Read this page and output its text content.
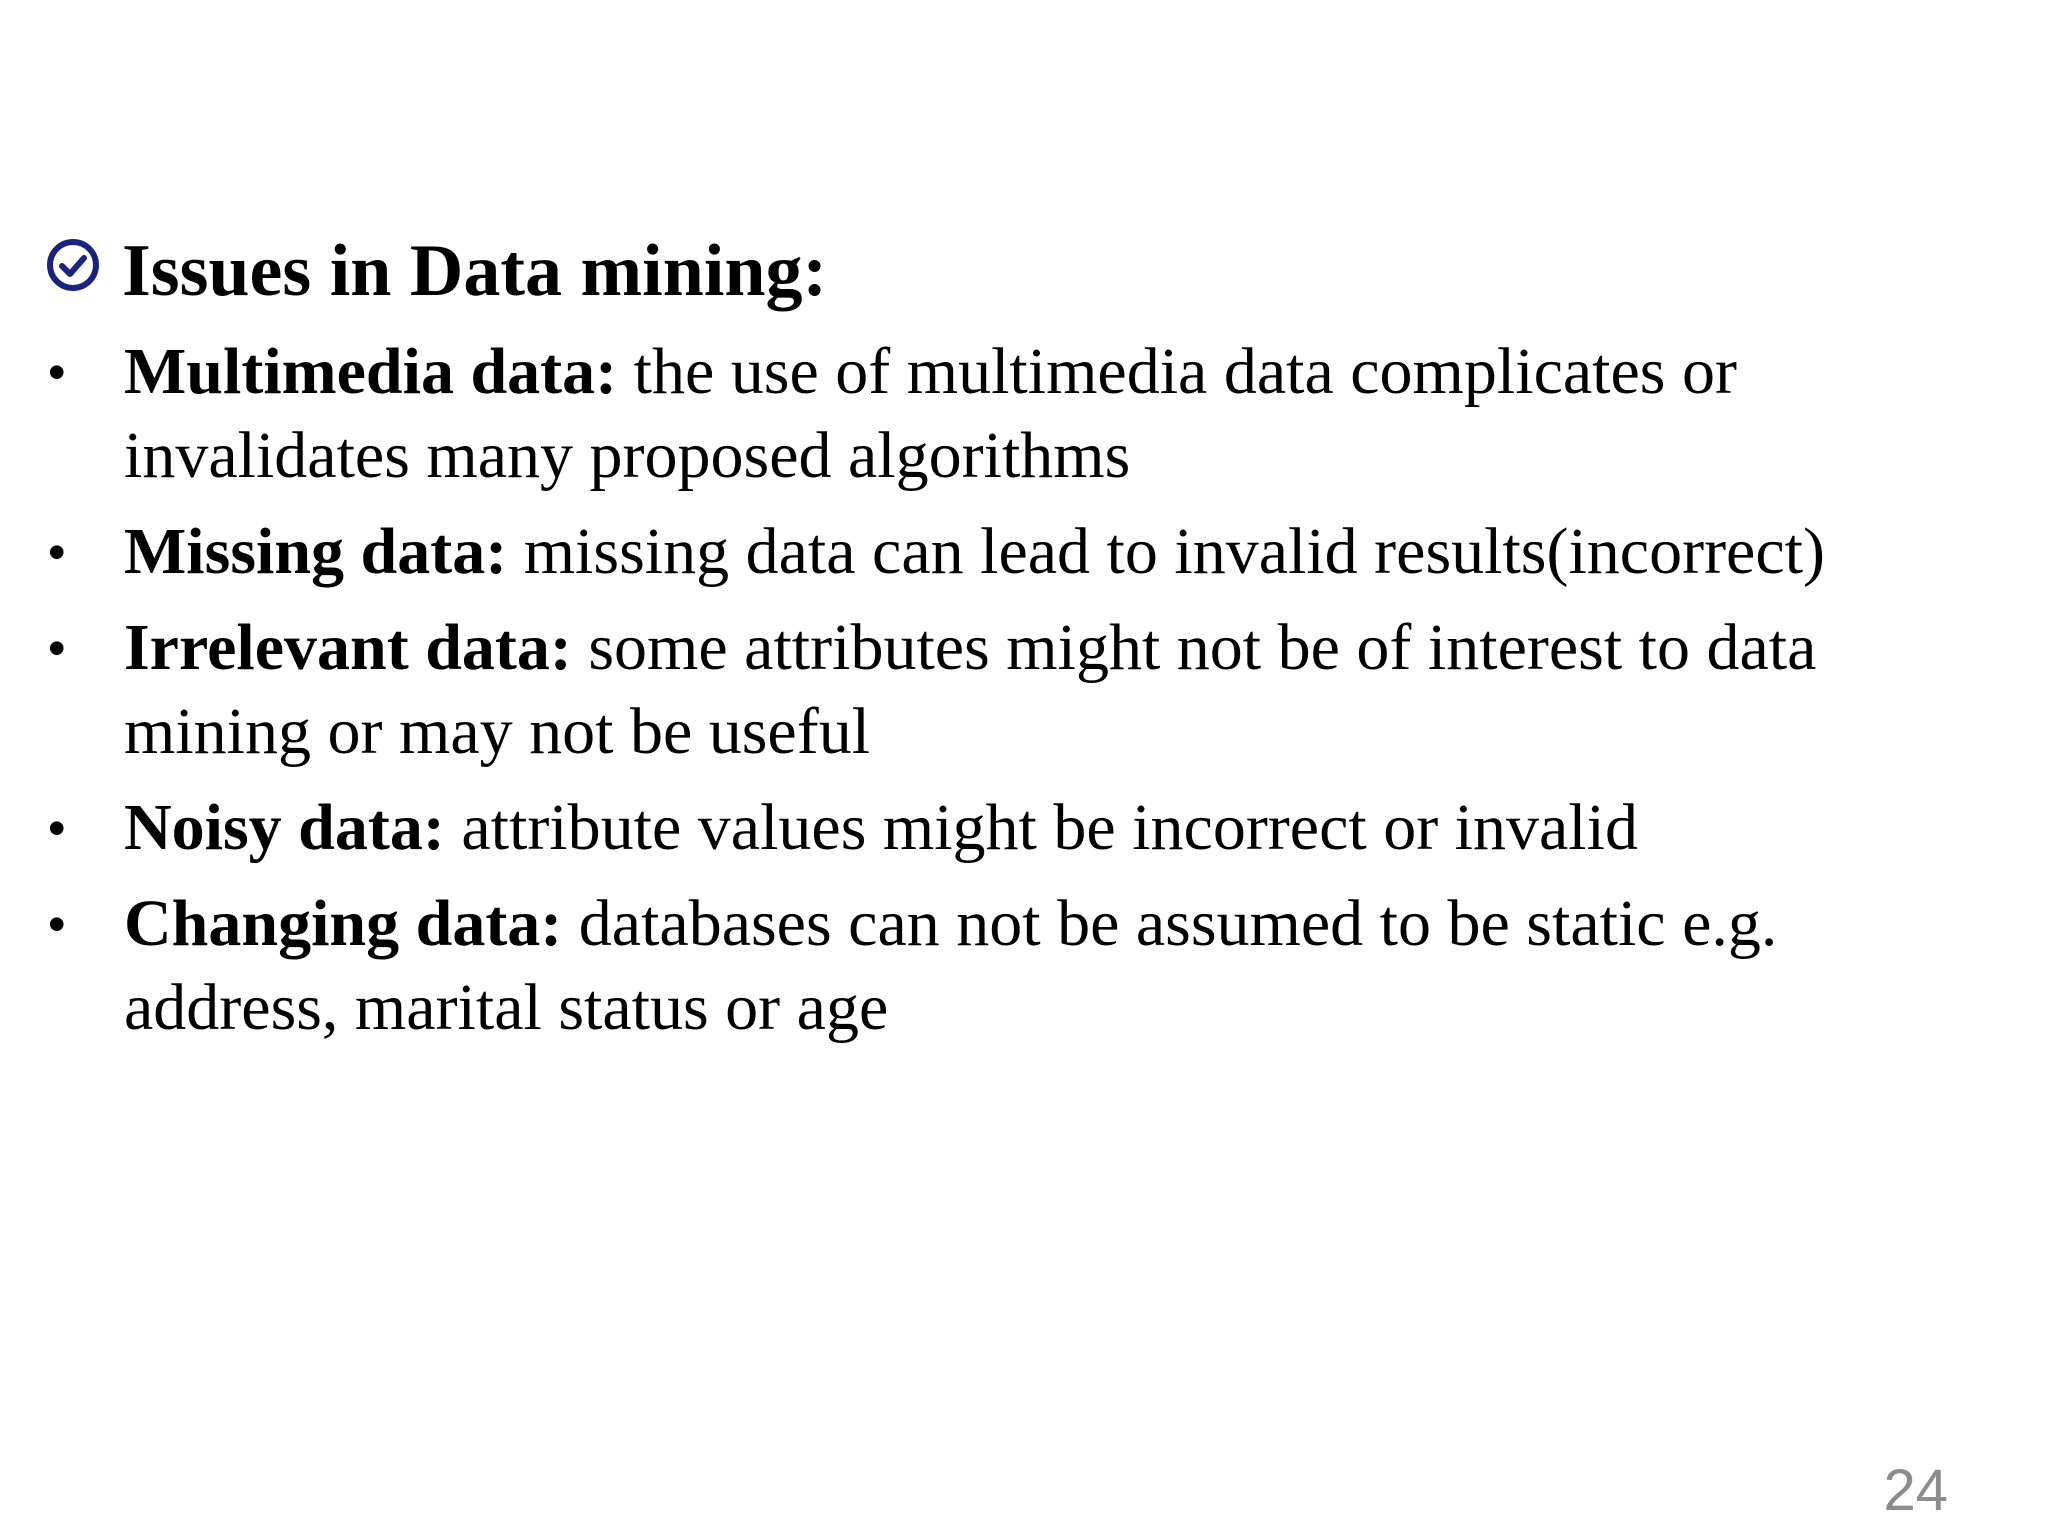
Issues in Data mining:
• Multimedia data: the use of multimedia data complicates or invalidates many proposed algorithms
• Missing data: missing data can lead to invalid results(incorrect)
• Irrelevant data: some attributes might not be of interest to data mining or may not be useful
• Noisy data: attribute values might be incorrect or invalid
• Changing data: databases can not be assumed to be static e.g. address, marital status or age
24
